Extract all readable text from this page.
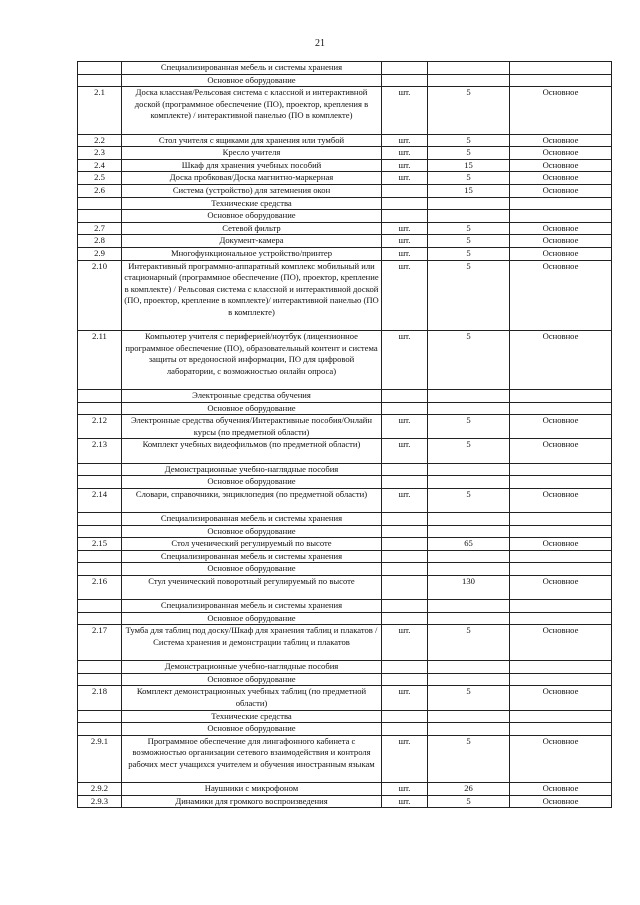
21
	Специализированная мебель и системы хранения			
	Основное оборудование			
2.1	Доска классная/Рельсовая система с классной и интерактивной доской (программное обеспечение (ПО), проектор, крепления в комплекте) / интерактивной панелью (ПО в комплекте)	шт.	5	Основное
2.2	Стол учителя с ящиками для хранения или тумбой	шт.	5	Основное
2.3	Кресло учителя	шт.	5	Основное
2.4	Шкаф для хранения учебных пособий	шт.	15	Основное
2.5	Доска пробковая/Доска магнитно-маркерная	шт.	5	Основное
2.6	Система (устройство) для затемнения окон		15	Основное
	Технические средства			
	Основное оборудование			
2.7	Сетевой фильтр	шт.	5	Основное
2.8	Документ-камера	шт.	5	Основное
2.9	Многофункциональное устройство/принтер	шт.	5	Основное
2.10	Интерактивный программно-аппаратный комплекс мобильный или стационарный (программное обеспечение (ПО), проектор, крепление в комплекте) / Рельсовая система с классной и интерактивной доской (ПО, проектор, крепление в комплекте)/ интерактивной панелью (ПО в комплекте)	шт.	5	Основное
2.11	Компьютер учителя с периферией/ноутбук (лицензионное программное обеспечение (ПО), образовательный контент и система защиты от вредоносной информации, ПО для цифровой лаборатории, с возможностью онлайн опроса)	шт.	5	Основное
	Электронные средства обучения			
	Основное оборудование			
2.12	Электронные средства обучения/Интерактивные пособия/Онлайн курсы (по предметной области)	шт.	5	Основное
2.13	Комплект учебных видеофильмов (по предметной области)	шт.	5	Основное
	Демонстрационные учебно-наглядные пособия			
	Основное оборудование			
2.14	Словари, справочники, энциклопедия (по предметной области)	шт.	5	Основное
	Специализированная мебель и системы хранения			
	Основное оборудование			
2.15	Стол ученический регулируемый по высоте		65	Основное
	Специализированная мебель и системы хранения			
	Основное оборудование			
2.16	Стул ученический поворотный регулируемый по высоте		130	Основное
	Специализированная мебель и системы хранения			
	Основное оборудование			
2.17	Тумба для таблиц под доску/Шкаф для хранения таблиц и плакатов / Система хранения и демонстрации таблиц и плакатов	шт.	5	Основное
	Демонстрационные учебно-наглядные пособия			
	Основное оборудование			
2.18	Комплект демонстрационных учебных таблиц (по предметной области)	шт.	5	Основное
	Технические средства			
	Основное оборудование			
2.9.1	Программное обеспечение для лингафонного кабинета с возможностью организации сетевого взаимодействия и контроля рабочих мест учащихся учителем и обучения иностранным языкам	шт.	5	Основное
2.9.2	Наушники с микрофоном	шт.	26	Основное
2.9.3	Динамики для громкого воспроизведения	шт.	5	Основное
